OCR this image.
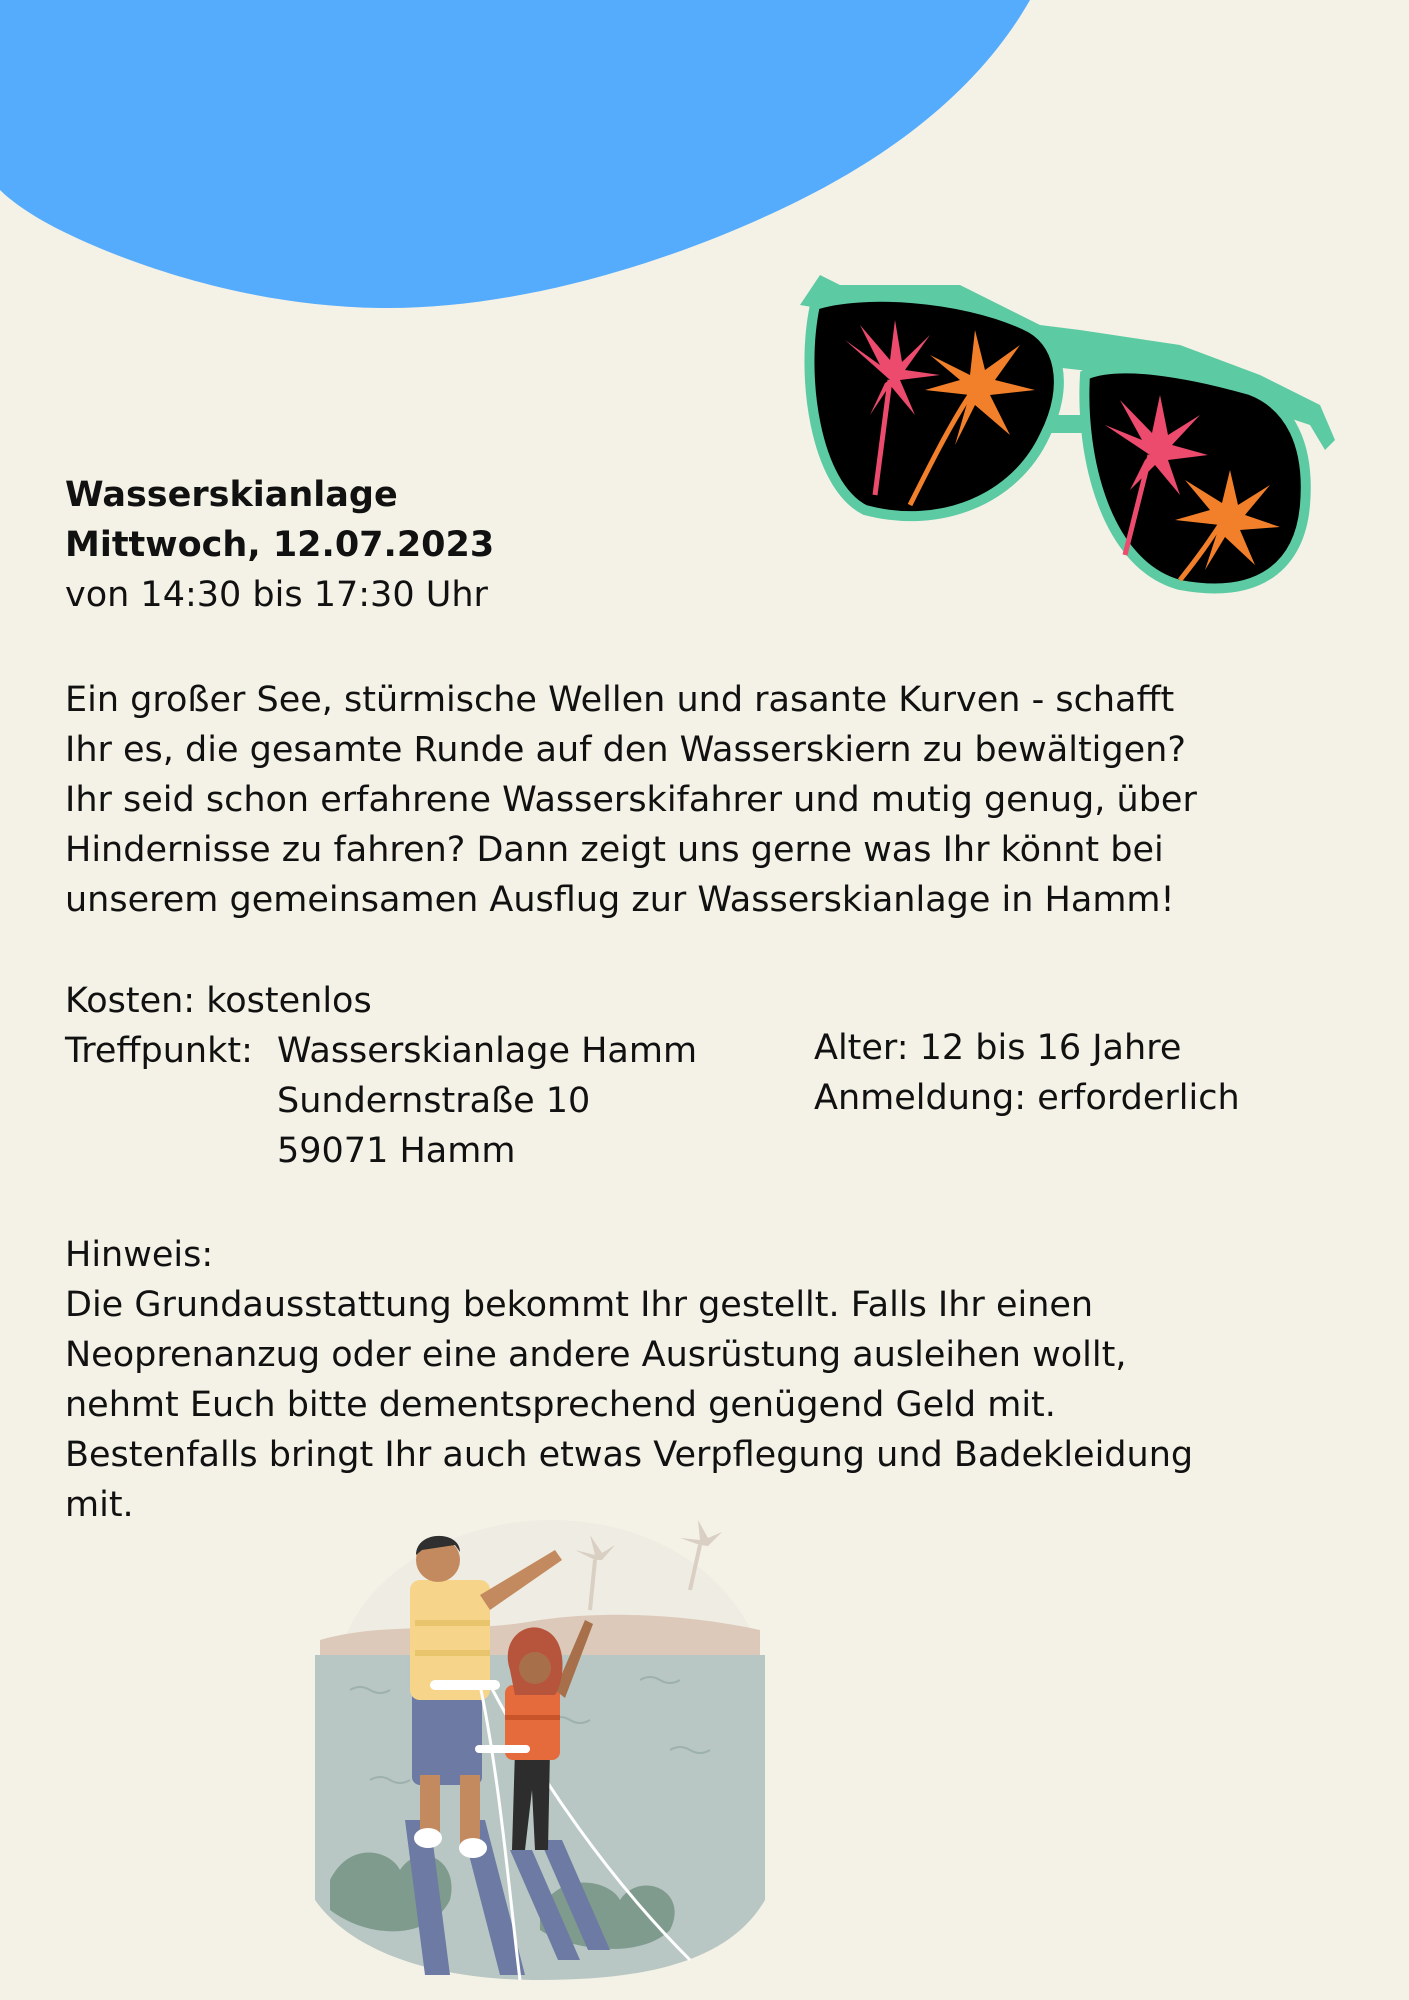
Wasserskianlage
Mittwoch, 12.07.2023
von 14:30 bis 17:30 Uhr

Ein großer See, stürmische Wellen und rasante Kurven - schafft

Ihr es, die gesamte Runde auf den Wasserskiern zu bewältigen?

Ihr seid schon erfahrene Wasserskifahrer und mutig genug, über

Hindernisse zu fahren? Dann zeigt uns gerne was Ihr könnt bei

unserem gemeinsamen Ausflug zur Wasserskianlage in Hamm!

Kosten: kostenlos
Treffpunkt: Wasserskianlage Hamm
Sundernstraße 10
59071 Hamm
Alter: 12 bis 16 Jahre
Anmeldung: erforderlich
Hinweis:
Die Grundausstattung bekommt Ihr gestellt. Falls Ihr einen
Neoprenanzug oder eine andere Ausrüstung ausleihen wollt,
nehmt Euch bitte dementsprechend genügend Geld mit.
Bestenfalls bringt Ihr auch etwas Verpflegung und Badekleidung
mit.
